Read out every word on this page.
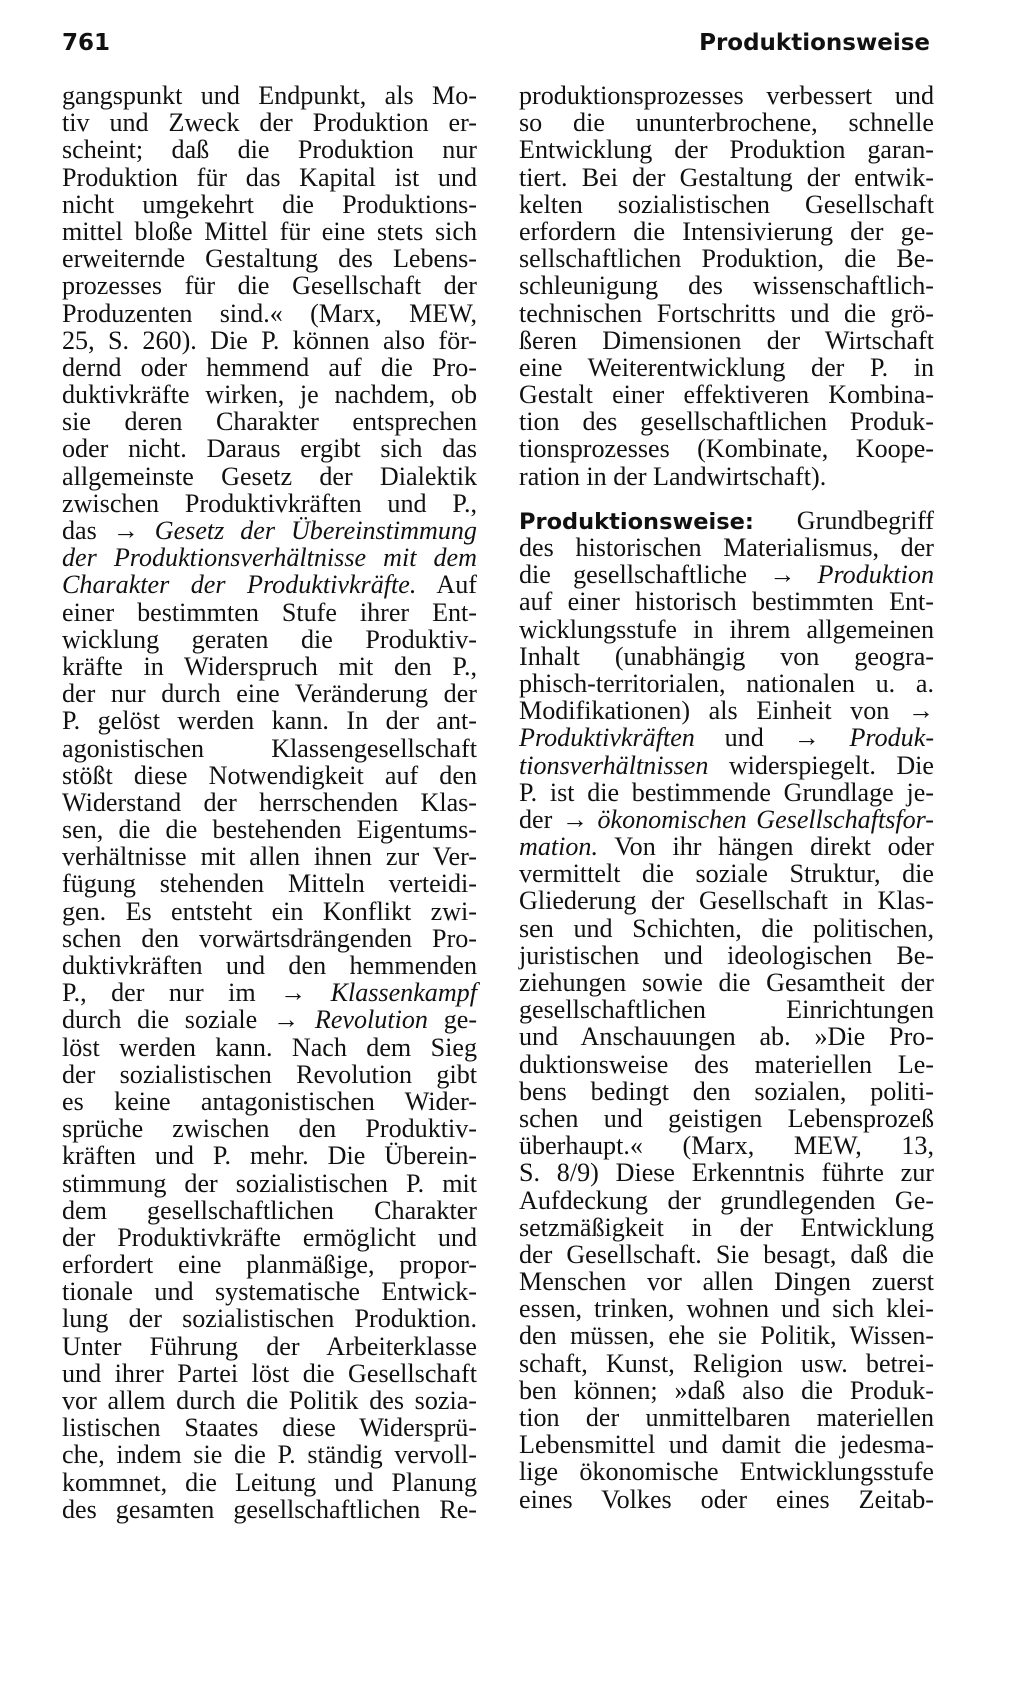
761	Produktionsweise
gangspunkt und Endpunkt, als Mo-
tiv und Zweck der Produktion er-
scheint; daß die Produktion nur
Produktion für das Kapital ist und
nicht umgekehrt die Produktions-
mittel bloße Mittel für eine stets sich
erweiternde Gestaltung des Lebens-
prozesses für die Gesellschaft der
Produzenten sind.« (Marx, MEW,
25, S. 260). Die P. können also för-
dernd oder hemmend auf die Pro-
duktivkräfte wirken, je nachdem, ob
sie deren Charakter entsprechen
oder nicht. Daraus ergibt sich das
allgemeinste Gesetz der Dialektik
zwischen Produktivkräften und P.,
das → Gesetz der Übereinstimmung
der Produktionsverhältnisse mit dem
Charakter der Produktivkräfte. Auf
einer bestimmten Stufe ihrer Ent-
wicklung geraten die Produktiv-
kräfte in Widerspruch mit den P.,
der nur durch eine Veränderung der
P. gelöst werden kann. In der ant-
agonistischen Klassengesellschaft
stößt diese Notwendigkeit auf den
Widerstand der herrschenden Klas-
sen, die die bestehenden Eigentums-
verhältnisse mit allen ihnen zur Ver-
fügung stehenden Mitteln verteidi-
gen. Es entsteht ein Konflikt zwi-
schen den vorwärtsdrängenden Pro-
duktivkräften und den hemmenden
P., der nur im → Klassenkampf
durch die soziale → Revolution ge-
löst werden kann. Nach dem Sieg
der sozialistischen Revolution gibt
es keine antagonistischen Wider-
sprüche zwischen den Produktiv-
kräften und P. mehr. Die Überein-
stimmung der sozialistischen P. mit
dem gesellschaftlichen Charakter
der Produktivkräfte ermöglicht und
erfordert eine planmäßige, propor-
tionale und systematische Entwick-
lung der sozialistischen Produktion.
Unter Führung der Arbeiterklasse
und ihrer Partei löst die Gesellschaft
vor allem durch die Politik des sozia-
listischen Staates diese Widersprü-
che, indem sie die P. ständig vervoll-
kommnet, die Leitung und Planung
des gesamten gesellschaftlichen Re-
produktionsprozesses verbessert und
so die ununterbrochene, schnelle
Entwicklung der Produktion garan-
tiert. Bei der Gestaltung der entwik-
kelten sozialistischen Gesellschaft
erfordern die Intensivierung der ge-
sellschaftlichen Produktion, die Be-
schleunigung des wissenschaftlich-
technischen Fortschritts und die grö-
ßeren Dimensionen der Wirtschaft
eine Weiterentwicklung der P. in
Gestalt einer effektiveren Kombina-
tion des gesellschaftlichen Produk-
tionsprozesses (Kombinate, Koope-
ration in der Landwirtschaft).
Produktionsweise: Grundbegriff
des historischen Materialismus, der
die gesellschaftliche → Produktion
auf einer historisch bestimmten Ent-
wicklungsstufe in ihrem allgemeinen
Inhalt (unabhängig von geogra-
phisch-territorialen, nationalen u. a.
Modifikationen) als Einheit von →
Produktivkräften und → Produk-
tionsverhältnissen widerspiegelt. Die
P. ist die bestimmende Grundlage je-
der → ökonomischen Gesellschaftsfor-
mation. Von ihr hängen direkt oder
vermittelt die soziale Struktur, die
Gliederung der Gesellschaft in Klas-
sen und Schichten, die politischen,
juristischen und ideologischen Be-
ziehungen sowie die Gesamtheit der
gesellschaftlichen Einrichtungen
und Anschauungen ab. »Die Pro-
duktionsweise des materiellen Le-
bens bedingt den sozialen, politi-
schen und geistigen Lebensprozeß
überhaupt.« (Marx, MEW, 13,
S. 8/9) Diese Erkenntnis führte zur
Aufdeckung der grundlegenden Ge-
setzmäßigkeit in der Entwicklung
der Gesellschaft. Sie besagt, daß die
Menschen vor allen Dingen zuerst
essen, trinken, wohnen und sich klei-
den müssen, ehe sie Politik, Wissen-
schaft, Kunst, Religion usw. betrei-
ben können; »daß also die Produk-
tion der unmittelbaren materiellen
Lebensmittel und damit die jedesma-
lige ökonomische Entwicklungsstufe
eines Volkes oder eines Zeitab-
